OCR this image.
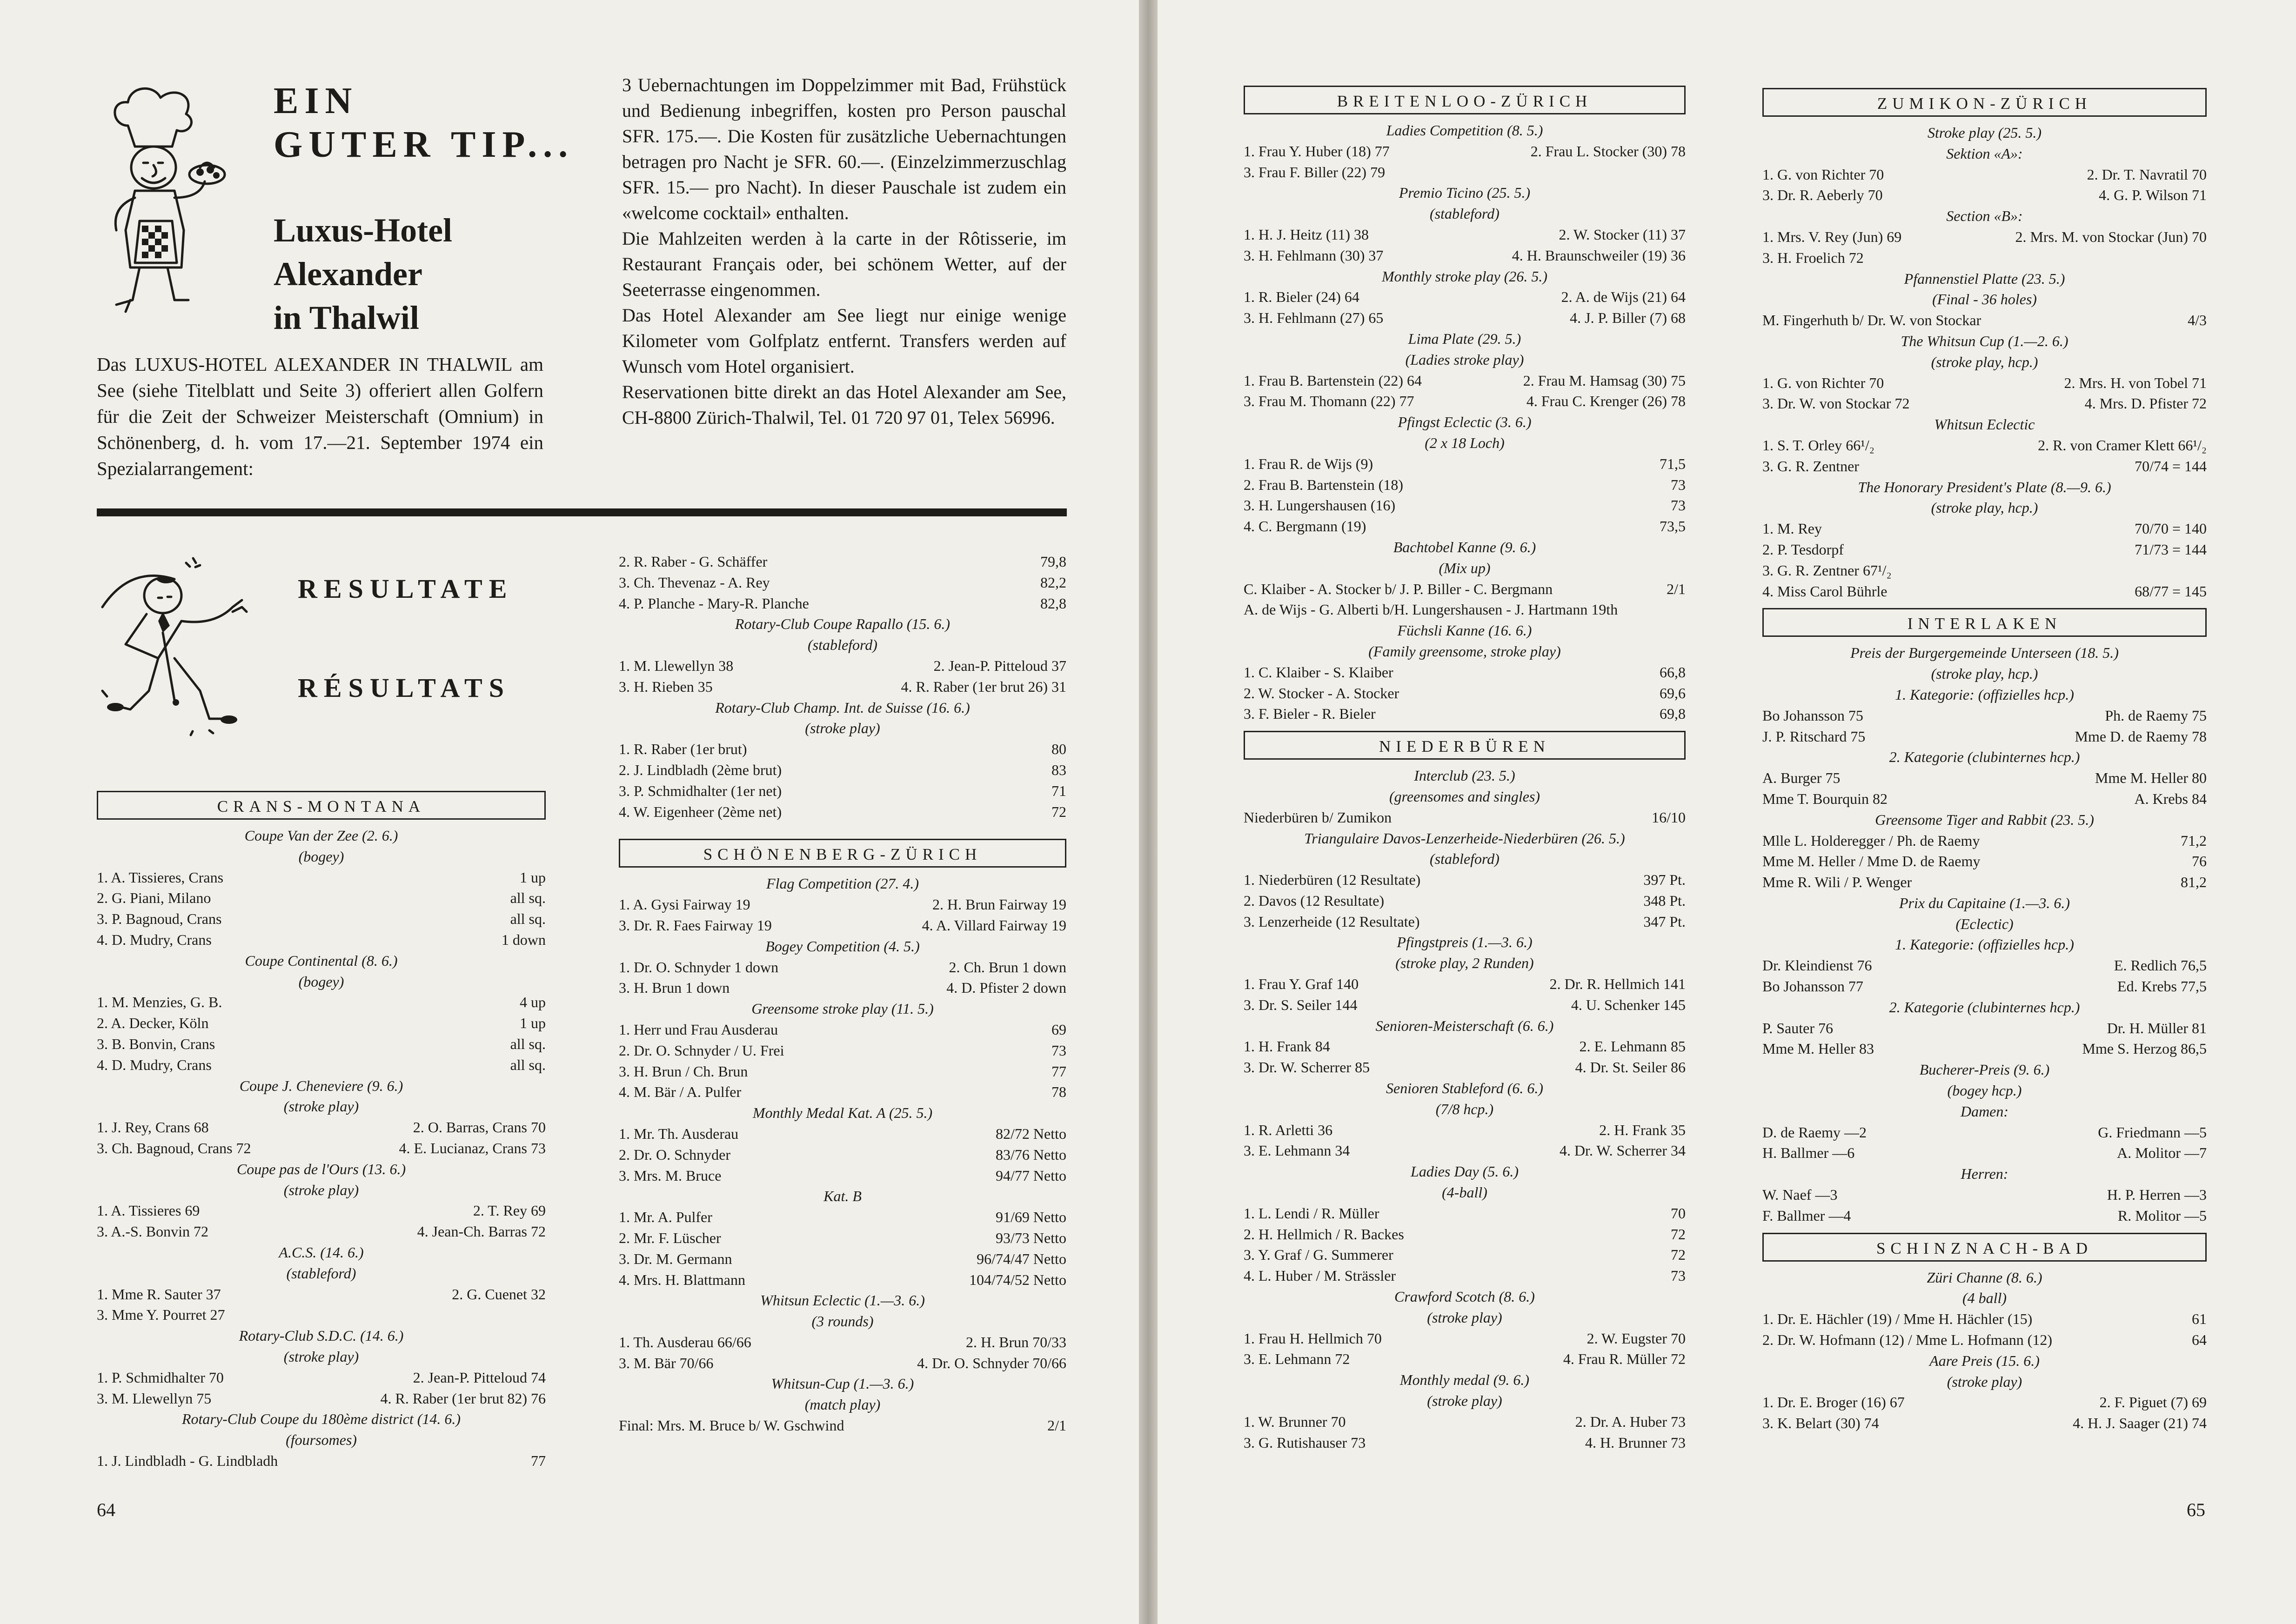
EIN
GUTER TIP...
Luxus-Hotel
Alexander
in Thalwil

Das LUXUS-HOTEL ALEXANDER IN THALWIL am See (siehe Titelblatt und Seite 3) offeriert allen Golfern für die Zeit der Schweizer Meisterschaft (Omnium) in Schönenberg, d. h. vom 17.—21. September 1974 ein Spezialarrangement:

3 Uebernachtungen im Doppelzimmer mit Bad, Frühstück und Bedienung inbegriffen, kosten pro Person pauschal SFR. 175.—. Die Kosten für zusätzliche Uebernachtungen betragen pro Nacht je SFR. 60.—. (Einzelzimmerzuschlag SFR. 15.— pro Nacht). In dieser Pauschale ist zudem ein «welcome cocktail» enthalten.

Die Mahlzeiten werden à la carte in der Rôtisserie, im Restaurant Français oder, bei schönem Wetter, auf der Seeterrasse eingenommen.

Das Hotel Alexander am See liegt nur einige wenige Kilometer vom Golfplatz entfernt. Transfers werden auf Wunsch vom Hotel organisiert.

Reservationen bitte direkt an das Hotel Alexander am See, CH-8800 Zürich-Thalwil, Tel. 01 720 97 01, Telex 56996.

RESULTATE
RÉSULTATS
CRANS-MONTANA
Coupe Van der Zee (2. 6.)
(bogey)
1. A. Tissieres, Crans	1 up
2. G. Piani, Milano	all sq.
3. P. Bagnoud, Crans	all sq.
4. D. Mudry, Crans	1 down
Coupe Continental (8. 6.)
(bogey)
1. M. Menzies, G. B.	4 up
2. A. Decker, Köln	1 up
3. B. Bonvin, Crans	all sq.
4. D. Mudry, Crans	all sq.
Coupe J. Cheneviere (9. 6.)
(stroke play)
1. J. Rey, Crans 68	2. O. Barras, Crans 70
3. Ch. Bagnoud, Crans 72	4. E. Lucianaz, Crans 73
Coupe pas de l'Ours (13. 6.)
(stroke play)
1. A. Tissieres 69	2. T. Rey 69
3. A.-S. Bonvin 72	4. Jean-Ch. Barras 72
A.C.S. (14. 6.)
(stableford)
1. Mme R. Sauter 37	2. G. Cuenet 32
3. Mme Y. Pourret 27
Rotary-Club S.D.C. (14. 6.)
(stroke play)
1. P. Schmidhalter 70	2. Jean-P. Pitteloud 74
3. M. Llewellyn 75	4. R. Raber (1er brut 82) 76
Rotary-Club Coupe du 180ème district (14. 6.)
(foursomes)
1. J. Lindbladh - G. Lindbladh	77
2. R. Raber - G. Schäffer	79,8
3. Ch. Thevenaz - A. Rey	82,2
4. P. Planche - Mary-R. Planche	82,8
Rotary-Club Coupe Rapallo (15. 6.)
(stableford)
1. M. Llewellyn 38	2. Jean-P. Pitteloud 37
3. H. Rieben 35	4. R. Raber (1er brut 26) 31
Rotary-Club Champ. Int. de Suisse (16. 6.)
(stroke play)
1. R. Raber (1er brut)	80
2. J. Lindbladh (2ème brut)	83
3. P. Schmidhalter (1er net)	71
4. W. Eigenheer (2ème net)	72
SCHÖNENBERG-ZÜRICH
Flag Competition (27. 4.)
1. A. Gysi Fairway 19	2. H. Brun Fairway 19
3. Dr. R. Faes Fairway 19	4. A. Villard Fairway 19
Bogey Competition (4. 5.)
1. Dr. O. Schnyder 1 down	2. Ch. Brun 1 down
3. H. Brun 1 down	4. D. Pfister 2 down
Greensome stroke play (11. 5.)
1. Herr und Frau Ausderau	69
2. Dr. O. Schnyder / U. Frei	73
3. H. Brun / Ch. Brun	77
4. M. Bär / A. Pulfer	78
Monthly Medal Kat. A (25. 5.)
1. Mr. Th. Ausderau	82/72 Netto
2. Dr. O. Schnyder	83/76 Netto
3. Mrs. M. Bruce	94/77 Netto
Kat. B
1. Mr. A. Pulfer	91/69 Netto
2. Mr. F. Lüscher	93/73 Netto
3. Dr. M. Germann	96/74/47 Netto
4. Mrs. H. Blattmann	104/74/52 Netto
Whitsun Eclectic (1.—3. 6.)
(3 rounds)
1. Th. Ausderau 66/66	2. H. Brun 70/33
3. M. Bär 70/66	4. Dr. O. Schnyder 70/66
Whitsun-Cup (1.—3. 6.)
(match play)
Final: Mrs. M. Bruce b/ W. Gschwind	2/1
64
BREITENLOO-ZÜRICH
Ladies Competition (8. 5.)
1. Frau Y. Huber (18) 77	2. Frau L. Stocker (30) 78
3. Frau F. Biller (22) 79
Premio Ticino (25. 5.)
(stableford)
1. H. J. Heitz (11) 38	2. W. Stocker (11) 37
3. H. Fehlmann (30) 37	4. H. Braunschweiler (19) 36
Monthly stroke play (26. 5.)
1. R. Bieler (24) 64	2. A. de Wijs (21) 64
3. H. Fehlmann (27) 65	4. J. P. Biller (7) 68
Lima Plate (29. 5.)
(Ladies stroke play)
1. Frau B. Bartenstein (22) 64	2. Frau M. Hamsag (30) 75
3. Frau M. Thomann (22) 77	4. Frau C. Krenger (26) 78
Pfingst Eclectic (3. 6.)
(2 x 18 Loch)
1. Frau R. de Wijs (9)	71,5
2. Frau B. Bartenstein (18)	73
3. H. Lungershausen (16)	73
4. C. Bergmann (19)	73,5
Bachtobel Kanne (9. 6.)
(Mix up)
C. Klaiber - A. Stocker b/ J. P. Biller - C. Bergmann	2/1
A. de Wijs - G. Alberti b/H. Lungershausen - J. Hartmann 19th
Füchsli Kanne (16. 6.)
(Family greensome, stroke play)
1. C. Klaiber - S. Klaiber	66,8
2. W. Stocker - A. Stocker	69,6
3. F. Bieler - R. Bieler	69,8
NIEDERBÜREN
Interclub (23. 5.)
(greensomes and singles)
Niederbüren b/ Zumikon	16/10
Triangulaire Davos-Lenzerheide-Niederbüren (26. 5.)
(stableford)
1. Niederbüren (12 Resultate)	397 Pt.
2. Davos (12 Resultate)	348 Pt.
3. Lenzerheide (12 Resultate)	347 Pt.
Pfingstpreis (1.—3. 6.)
(stroke play, 2 Runden)
1. Frau Y. Graf 140	2. Dr. R. Hellmich 141
3. Dr. S. Seiler 144	4. U. Schenker 145
Senioren-Meisterschaft (6. 6.)
1. H. Frank 84	2. E. Lehmann 85
3. Dr. W. Scherrer 85	4. Dr. St. Seiler 86
Senioren Stableford (6. 6.)
(7/8 hcp.)
1. R. Arletti 36	2. H. Frank 35
3. E. Lehmann 34	4. Dr. W. Scherrer 34
Ladies Day (5. 6.)
(4-ball)
1. L. Lendi / R. Müller	70
2. H. Hellmich / R. Backes	72
3. Y. Graf / G. Summerer	72
4. L. Huber / M. Strässler	73
Crawford Scotch (8. 6.)
(stroke play)
1. Frau H. Hellmich 70	2. W. Eugster 70
3. E. Lehmann 72	4. Frau R. Müller 72
Monthly medal (9. 6.)
(stroke play)
1. W. Brunner 70	2. Dr. A. Huber 73
3. G. Rutishauser 73	4. H. Brunner 73
ZUMIKON-ZÜRICH
Stroke play (25. 5.)
Sektion «A»:
1. G. von Richter 70	2. Dr. T. Navratil 70
3. Dr. R. Aeberly 70	4. G. P. Wilson 71
Section «B»:
1. Mrs. V. Rey (Jun) 69	2. Mrs. M. von Stockar (Jun) 70
3. H. Froelich 72
Pfannenstiel Platte (23. 5.)
(Final - 36 holes)
M. Fingerhuth b/ Dr. W. von Stockar	4/3
The Whitsun Cup (1.—2. 6.)
(stroke play, hcp.)
1. G. von Richter 70	2. Mrs. H. von Tobel 71
3. Dr. W. von Stockar 72	4. Mrs. D. Pfister 72
Whitsun Eclectic
1. S. T. Orley 66¹/₂	2. R. von Cramer Klett 66¹/₂
3. G. R. Zentner	70/74 = 144
The Honorary President's Plate (8.—9. 6.)
(stroke play, hcp.)
1. M. Rey	70/70 = 140
2. P. Tesdorpf	71/73 = 144
3. G. R. Zentner 67¹/₂
4. Miss Carol Bührle	68/77 = 145
INTERLAKEN
Preis der Burgergemeinde Unterseen (18. 5.)
(stroke play, hcp.)
1. Kategorie: (offizielles hcp.)
Bo Johansson 75	Ph. de Raemy 75
J. P. Ritschard 75	Mme D. de Raemy 78
2. Kategorie (clubinternes hcp.)
A. Burger 75	Mme M. Heller 80
Mme T. Bourquin 82	A. Krebs 84
Greensome Tiger and Rabbit (23. 5.)
Mlle L. Holderegger / Ph. de Raemy	71,2
Mme M. Heller / Mme D. de Raemy	76
Mme R. Wili / P. Wenger	81,2
Prix du Capitaine (1.—3. 6.)
(Eclectic)
1. Kategorie: (offizielles hcp.)
Dr. Kleindienst 76	E. Redlich 76,5
Bo Johansson 77	Ed. Krebs 77,5
2. Kategorie (clubinternes hcp.)
P. Sauter 76	Dr. H. Müller 81
Mme M. Heller 83	Mme S. Herzog 86,5
Bucherer-Preis (9. 6.)
(bogey hcp.)
Damen:
D. de Raemy —2	G. Friedmann —5
H. Ballmer —6	A. Molitor —7
Herren:
W. Naef —3	H. P. Herren —3
F. Ballmer —4	R. Molitor —5
SCHINZNACH-BAD
Züri Channe (8. 6.)
(4 ball)
1. Dr. E. Hächler (19) / Mme H. Hächler (15)	61
2. Dr. W. Hofmann (12) / Mme L. Hofmann (12)	64
Aare Preis (15. 6.)
(stroke play)
1. Dr. E. Broger (16) 67	2. F. Piguet (7) 69
3. K. Belart (30) 74	4. H. J. Saager (21) 74
65
